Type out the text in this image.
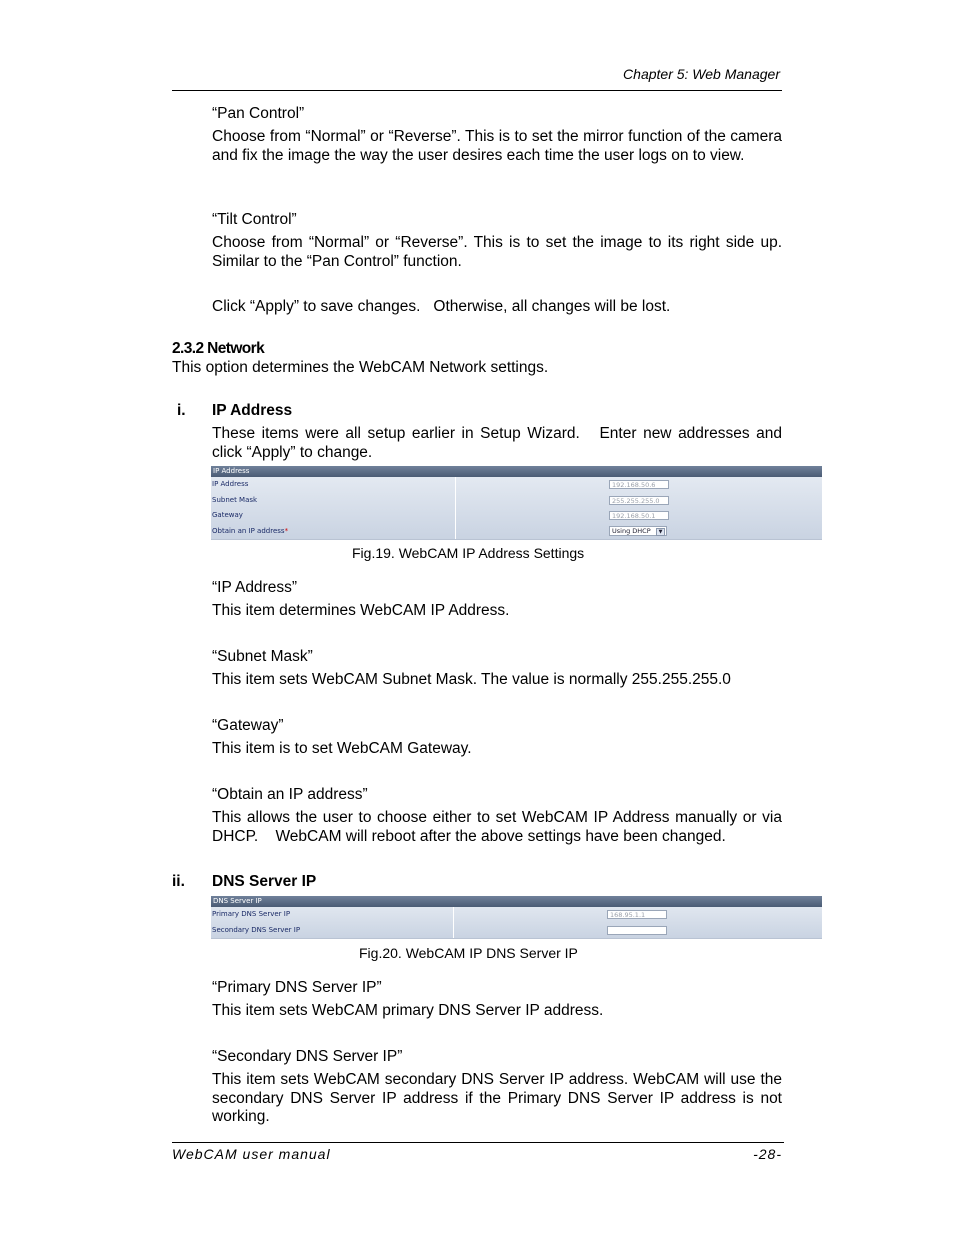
Chapter 5: Web Manager
“Pan Control”
Choose from “Normal” or “Reverse”. This is to set the mirror function of the camera and fix the image the way the user desires each time the user logs on to view.
“Tilt Control”
Choose from “Normal” or “Reverse”. This is to set the image to its right side up. Similar to the “Pan Control” function.
Click “Apply” to save changes.   Otherwise, all changes will be lost.
2.3.2 Network
This option determines the WebCAM Network settings.
i. IP Address
These items were all setup earlier in Setup Wizard.   Enter new addresses and click “Apply” to change.
IP Address
IP Address	192.168.50.6
Subnet Mask	255.255.255.0
Gateway	192.168.50.1
Obtain an IP address*	Using DHCP	▼
Fig.19. WebCAM IP Address Settings
“IP Address”
This item determines WebCAM IP Address.
“Subnet Mask”
This item sets WebCAM Subnet Mask. The value is normally 255.255.255.0
“Gateway”
This item is to set WebCAM Gateway.
“Obtain an IP address”
This allows the user to choose either to set WebCAM IP Address manually or via DHCP.    WebCAM will reboot after the above settings have been changed.
ii. DNS Server IP
DNS Server IP
Primary DNS Server IP	168.95.1.1
Secondary DNS Server IP
Fig.20. WebCAM IP DNS Server IP
“Primary DNS Server IP”
This item sets WebCAM primary DNS Server IP address.
“Secondary DNS Server IP”
This item sets WebCAM secondary DNS Server IP address. WebCAM will use the secondary DNS Server IP address if the Primary DNS Server IP address is not working.
WebCAM user manual	-28-
